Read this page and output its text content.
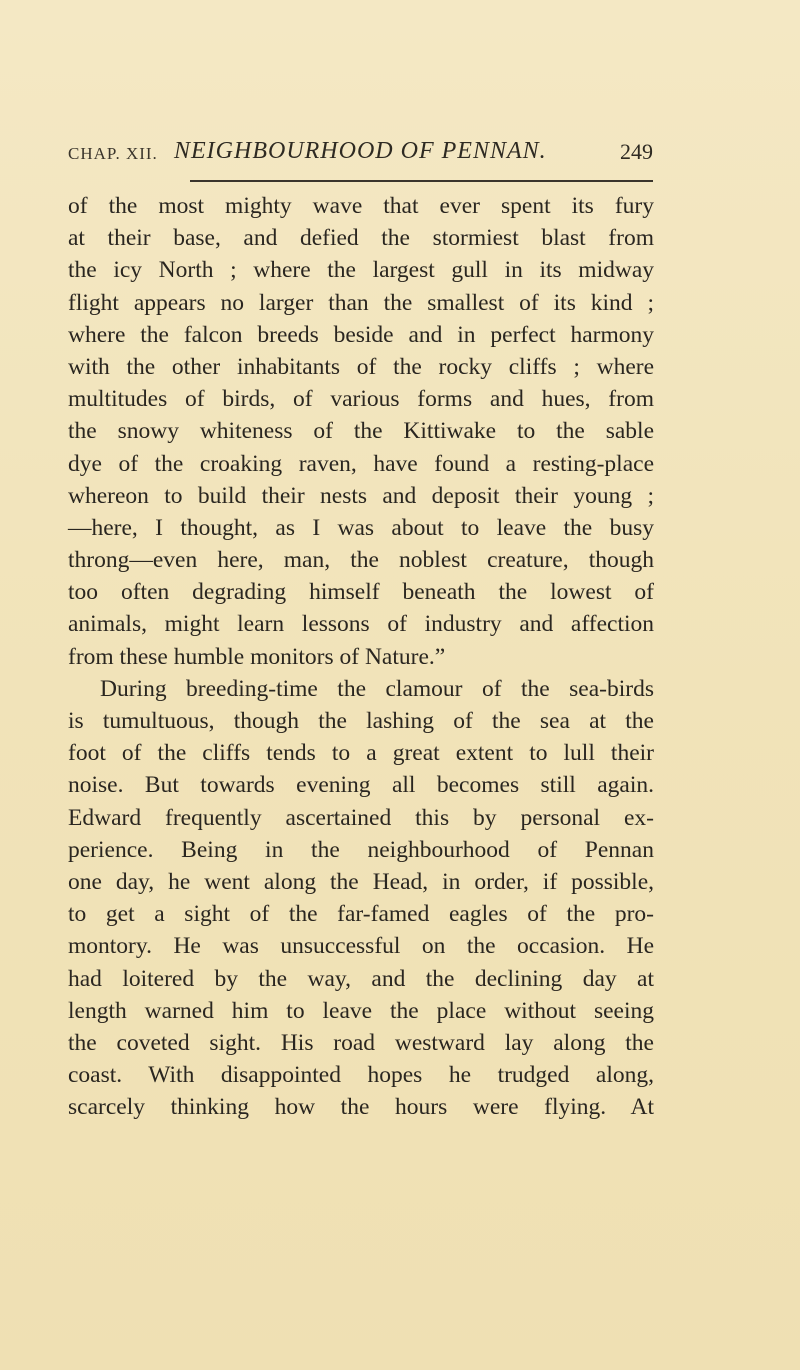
CHAP. XII. NEIGHBOURHOOD OF PENNAN.	249
of the most mighty wave that ever spent its fury
at their base, and defied the stormiest blast from
the icy North ; where the largest gull in its midway
flight appears no larger than the smallest of its kind ;
where the falcon breeds beside and in perfect harmony
with the other inhabitants of the rocky cliffs ; where
multitudes of birds, of various forms and hues, from
the snowy whiteness of the Kittiwake to the sable
dye of the croaking raven, have found a resting-place
whereon to build their nests and deposit their young ;
—here, I thought, as I was about to leave the busy
throng—even here, man, the noblest creature, though
too often degrading himself beneath the lowest of
animals, might learn lessons of industry and affection
from these humble monitors of Nature.”
During breeding-time the clamour of the sea-birds
is tumultuous, though the lashing of the sea at the
foot of the cliffs tends to a great extent to lull their
noise. But towards evening all becomes still again.
Edward frequently ascertained this by personal ex-
perience. Being in the neighbourhood of Pennan
one day, he went along the Head, in order, if possible,
to get a sight of the far-famed eagles of the pro-
montory. He was unsuccessful on the occasion. He
had loitered by the way, and the declining day at
length warned him to leave the place without seeing
the coveted sight. His road westward lay along the
coast. With disappointed hopes he trudged along,
scarcely thinking how the hours were flying. At
